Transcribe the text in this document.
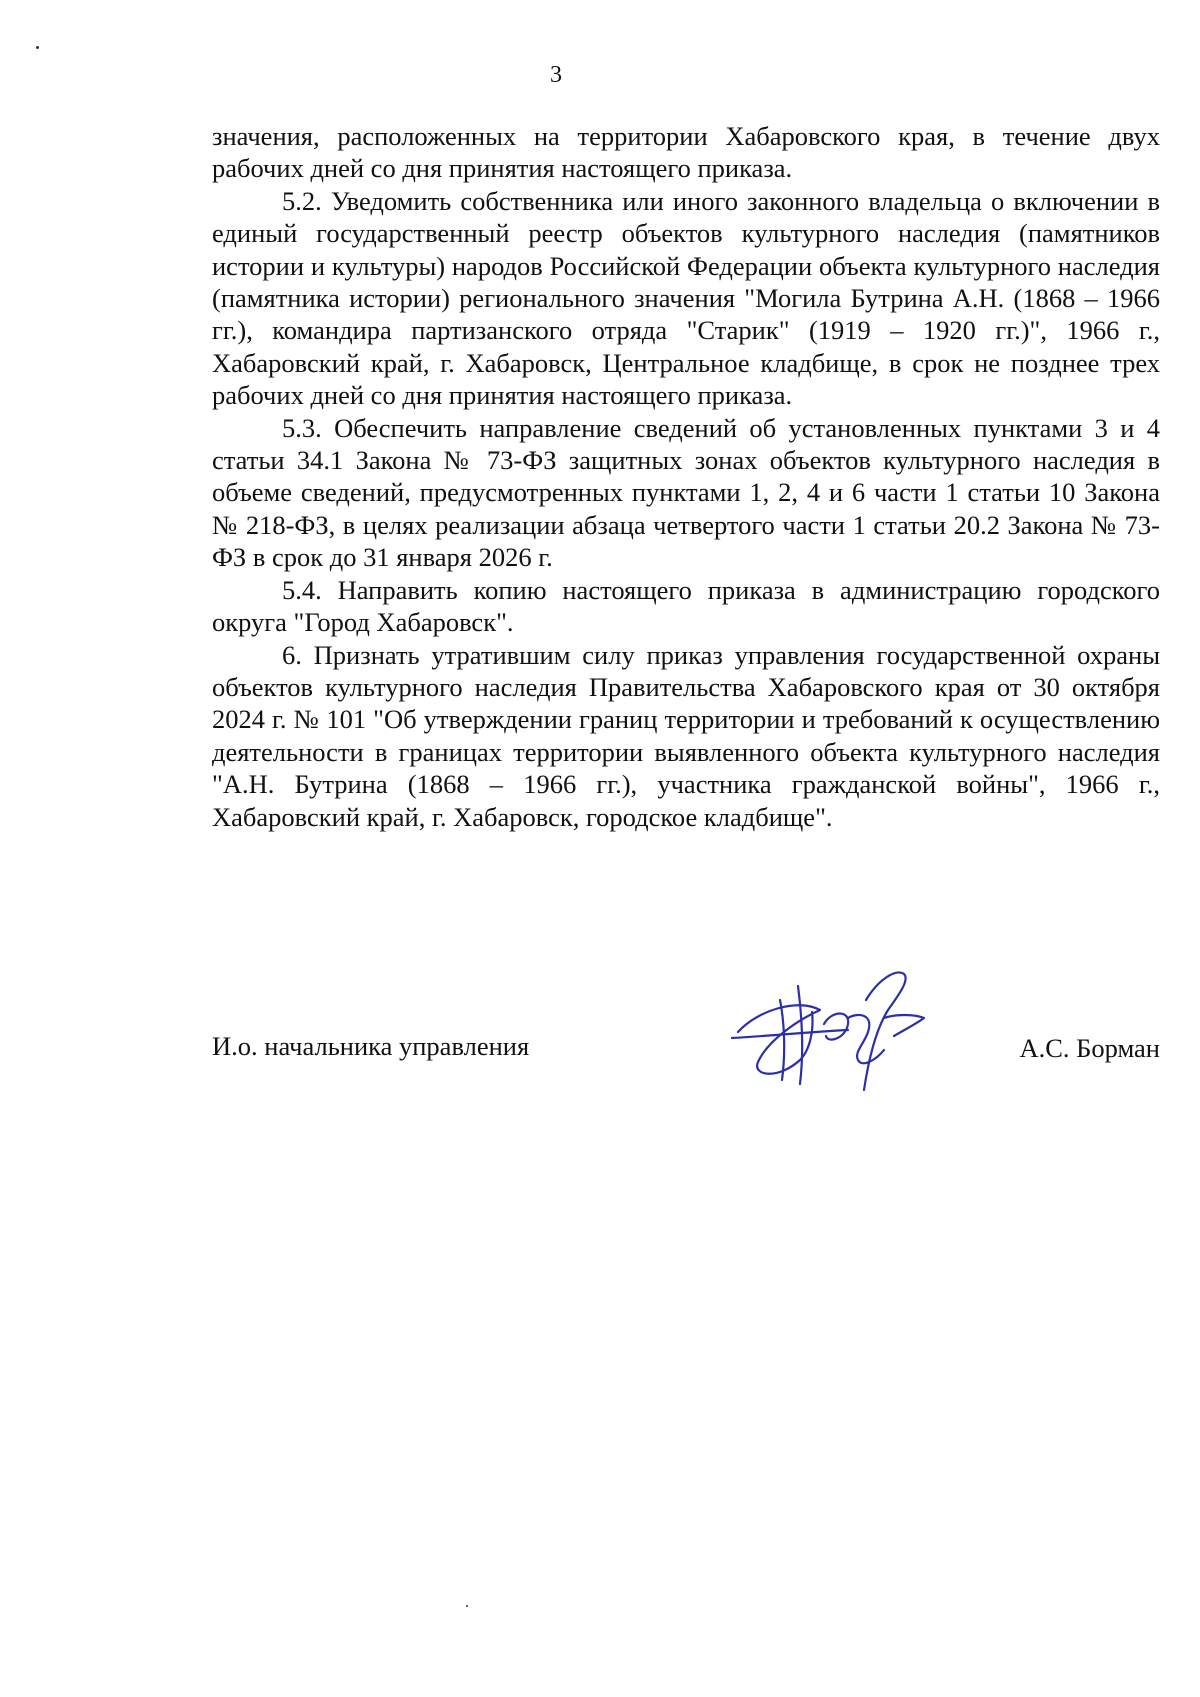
3

значения, расположенных на территории Хабаровского края, в течение двух рабочих дней со дня принятия настоящего приказа.

5.2. Уведомить собственника или иного законного владельца о включении в единый государственный реестр объектов культурного наследия (памятников истории и культуры) народов Российской Федерации объекта культурного наследия (памятника истории) регионального значения "Могила Бутрина А.Н. (1868 – 1966 гг.), командира партизанского отряда "Старик" (1919 – 1920 гг.)", 1966 г., Хабаровский край, г. Хабаровск, Центральное кладбище, в срок не позднее трех рабочих дней со дня принятия настоящего приказа.

5.3. Обеспечить направление сведений об установленных пунктами 3 и 4 статьи 34.1 Закона № 73-ФЗ защитных зонах объектов культурного наследия в объеме сведений, предусмотренных пунктами 1, 2, 4 и 6 части 1 статьи 10 Закона № 218-ФЗ, в целях реализации абзаца четвертого части 1 статьи 20.2 Закона № 73-ФЗ в срок до 31 января 2026 г.

5.4. Направить копию настоящего приказа в администрацию городского округа "Город Хабаровск".

6. Признать утратившим силу приказ управления государственной охраны объектов культурного наследия Правительства Хабаровского края от 30 октября 2024 г. № 101 "Об утверждении границ территории и требований к осуществлению деятельности в границах территории выявленного объекта культурного наследия "А.Н. Бутрина (1868 – 1966 гг.), участника гражданской войны", 1966 г., Хабаровский край, г. Хабаровск, городское кладбище".

И.о. начальника управления	А.С. Борман
